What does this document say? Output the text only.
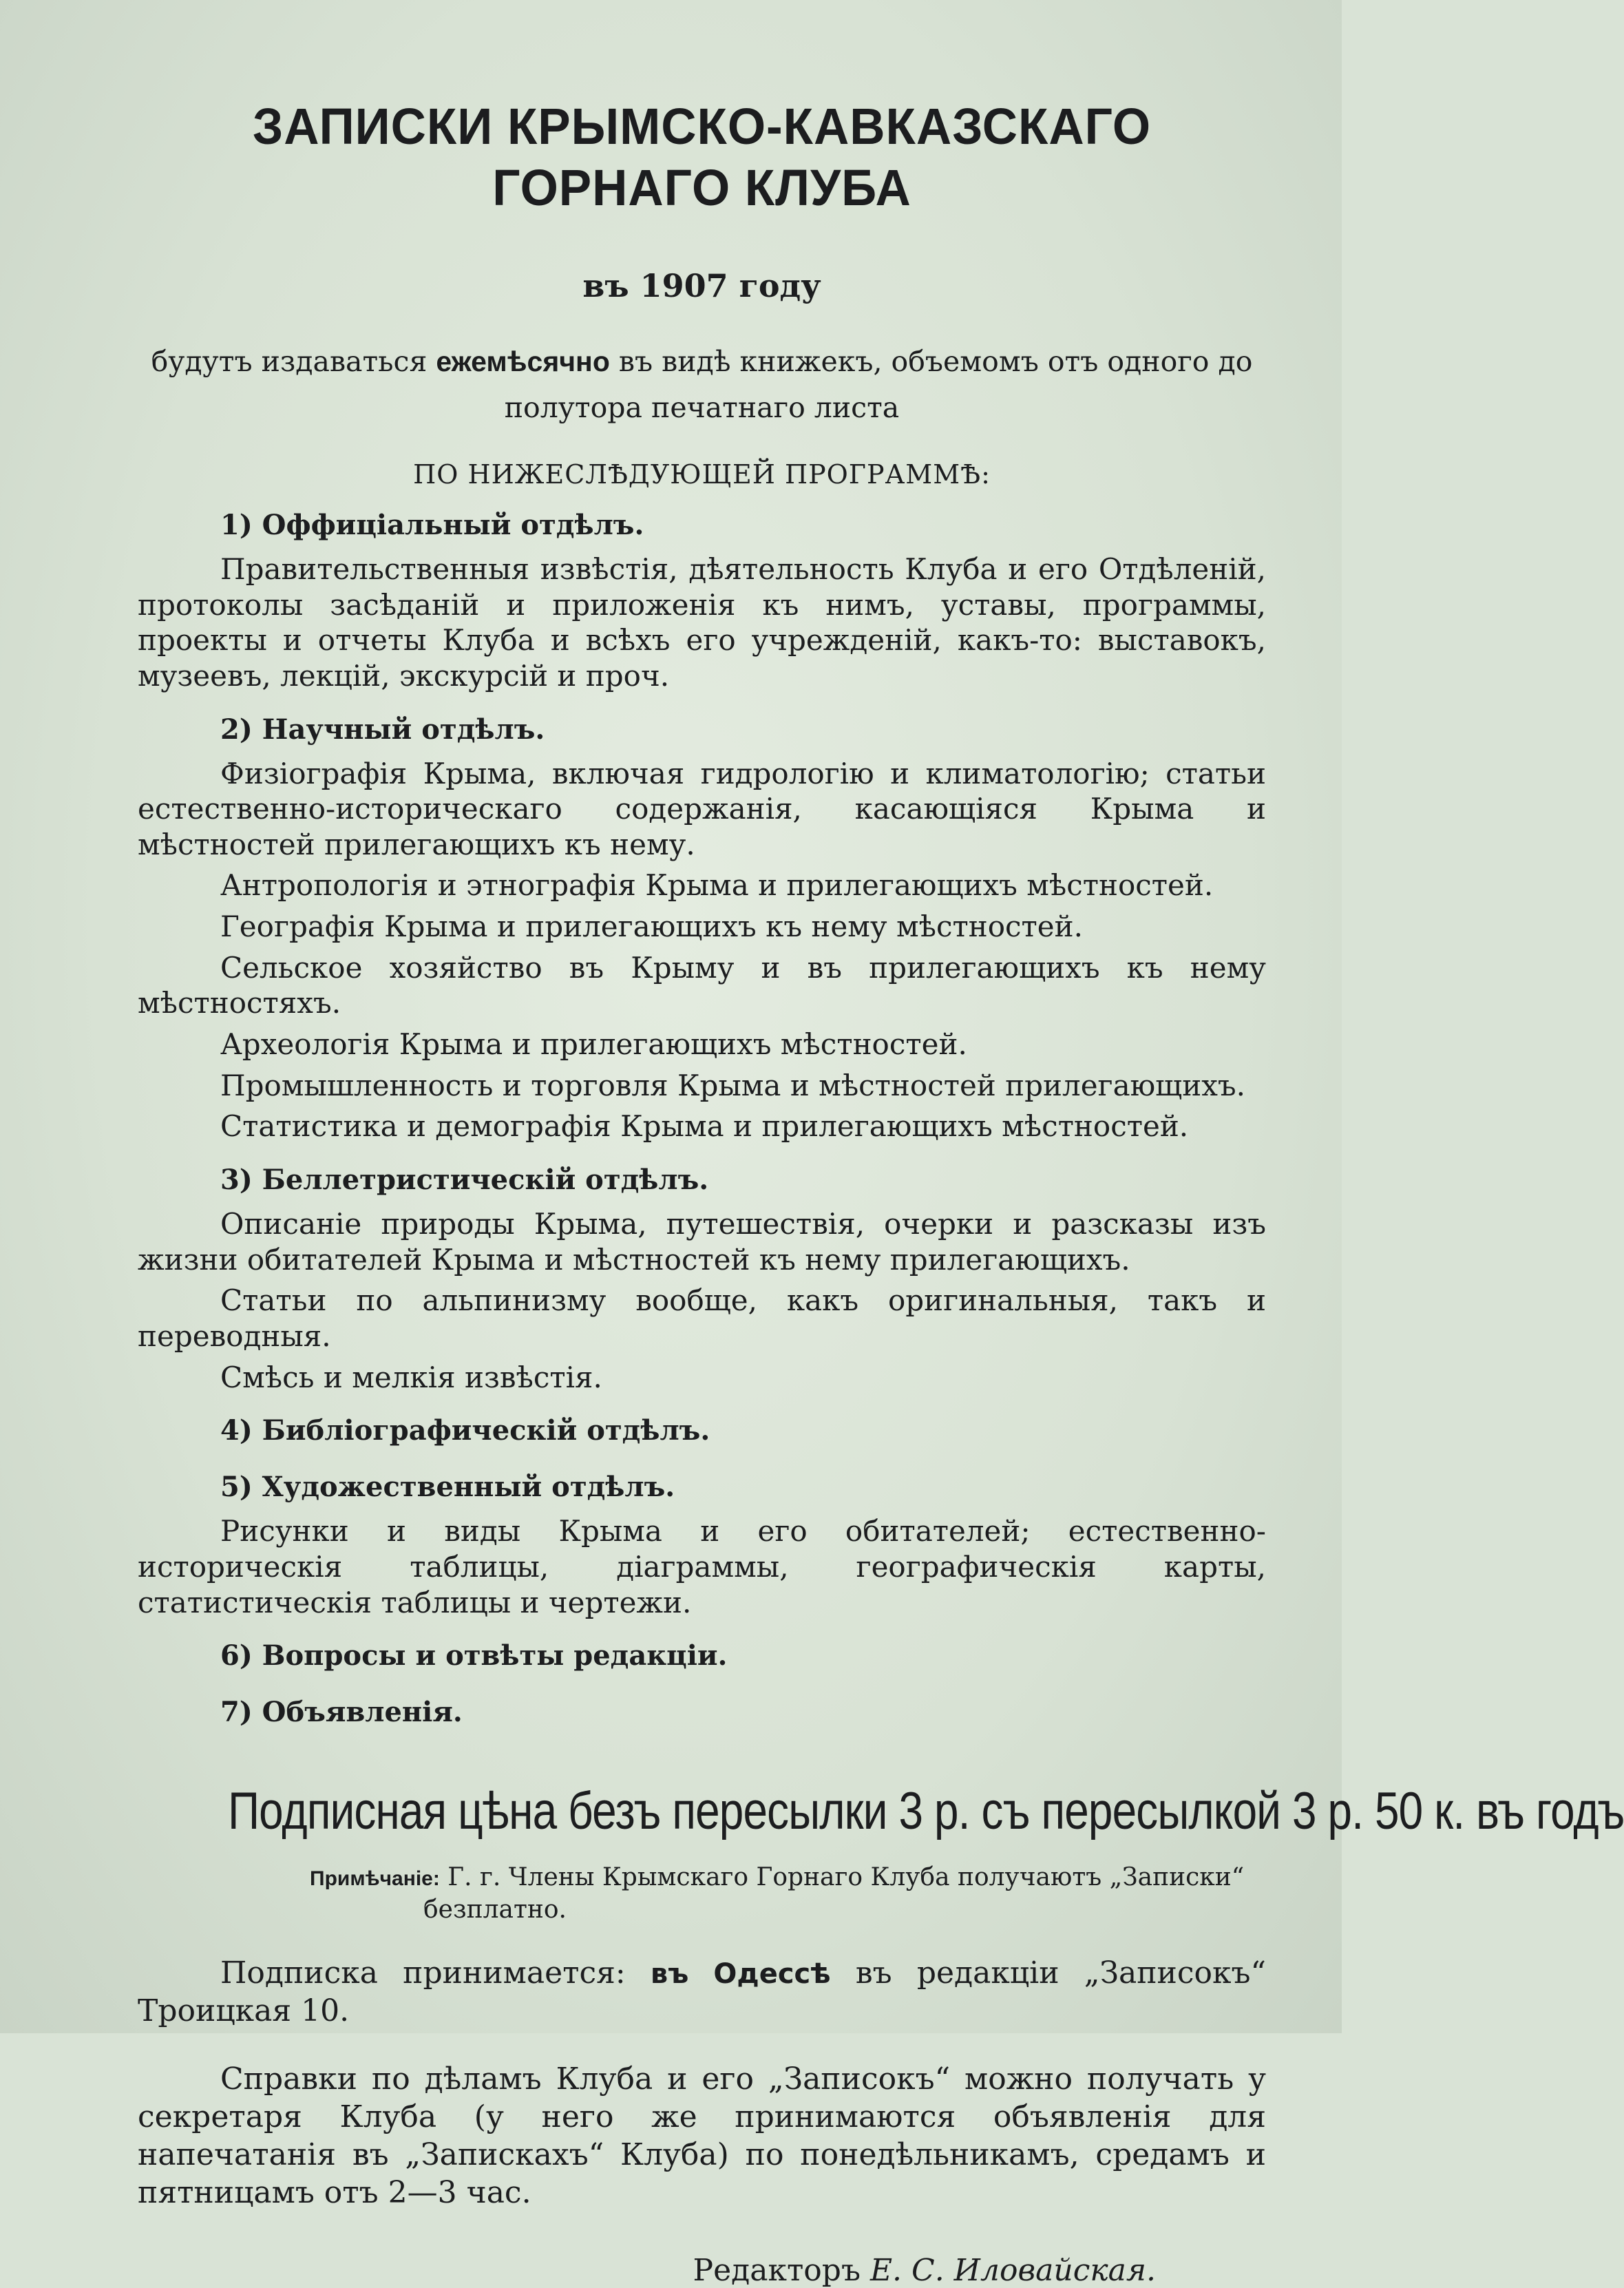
ЗАПИСКИ КРЫМСКО-КАВКАЗСКАГО ГОРНАГО КЛУБА
въ 1907 году
будутъ издаваться ежемѣсячно въ видѣ книжекъ, объемомъ отъ одного до полутора печатнаго листа
ПО НИЖЕСЛѢДУЮЩЕЙ ПРОГРАММѢ:
1) Оффиціальный отдѣлъ.

Правительственныя извѣстія, дѣятельность Клуба и его Отдѣленій, протоколы засѣданій и приложенія къ нимъ, уставы, программы, проекты и отчеты Клуба и всѣхъ его учрежденій, какъ-то: выставокъ, музеевъ, лекцій, экскурсій и проч.

2) Научный отдѣлъ.

Физіографія Крыма, включая гидрологію и климатологію; статьи естественно-историческаго содержанія, касающіяся Крыма и мѣстностей прилегающихъ къ нему.

Антропологія и этнографія Крыма и прилегающихъ мѣстностей.

Географія Крыма и прилегающихъ къ нему мѣстностей.

Сельское хозяйство въ Крыму и въ прилегающихъ къ нему мѣстностяхъ.

Археологія Крыма и прилегающихъ мѣстностей.

Промышленность и торговля Крыма и мѣстностей прилегающихъ.

Статистика и демографія Крыма и прилегающихъ мѣстностей.

3) Беллетристическій отдѣлъ.

Описаніе природы Крыма, путешествія, очерки и разсказы изъ жизни обитателей Крыма и мѣстностей къ нему прилегающихъ.

Статьи по альпинизму вообще, какъ оригинальныя, такъ и переводныя.

Смѣсь и мелкія извѣстія.

4) Библіографическій отдѣлъ.
5) Художественный отдѣлъ.

Рисунки и виды Крыма и его обитателей; естественно-историческія таблицы, діаграммы, географическія карты, статистическія таблицы и чертежи.

6) Вопросы и отвѣты редакціи.
7) Объявленія.
Подписная цѣна безъ пересылки 3 р. съ пересылкой 3 р. 50 к. въ годъ
Примѣчаніе: Г. г. Члены Крымскаго Горнаго Клуба получаютъ „Записки“
безплатно.

Подписка принимается: въ Одессѣ въ редакціи „Записокъ“ Троицкая 10.

Справки по дѣламъ Клуба и его „Записокъ“ можно получать у секретаря Клуба (у него же принимаются объявленія для напечатанія въ „Запискахъ“ Клуба) по понедѣльникамъ, средамъ и пятницамъ отъ 2—3 час.

Редакторъ Е. С. Иловайская.
